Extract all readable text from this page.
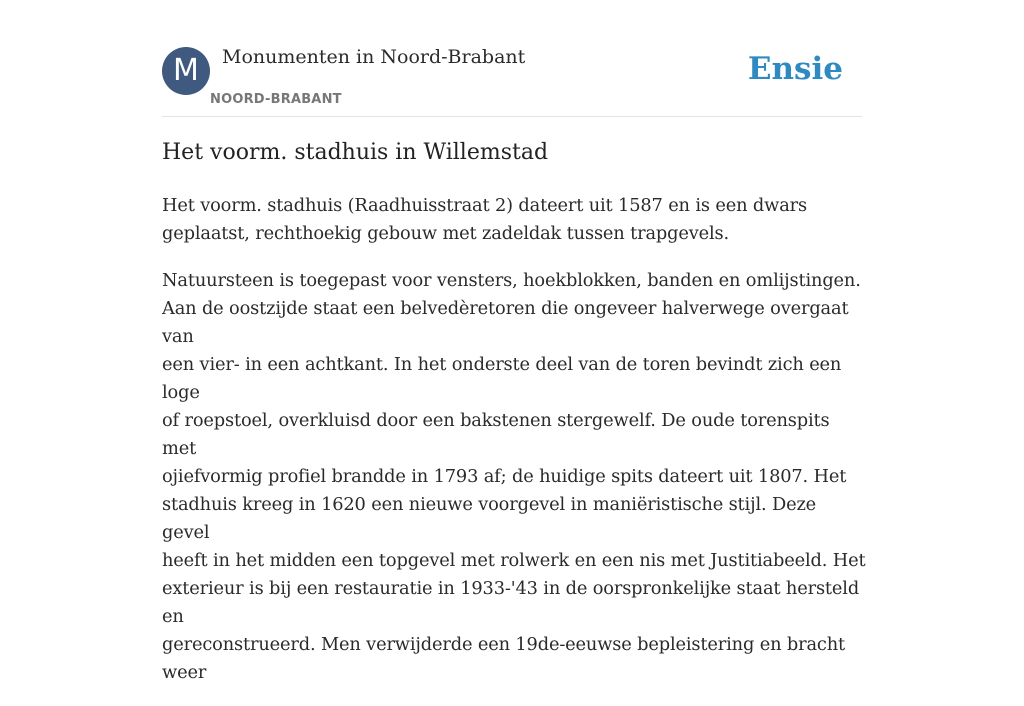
M	Monumenten in Noord-Brabant
NOORD-BRABANT
Ensie
Het voorm. stadhuis in Willemstad

Het voorm. stadhuis (Raadhuisstraat 2) dateert uit 1587 en is een dwars
geplaatst, rechthoekig gebouw met zadeldak tussen trapgevels.

Natuursteen is toegepast voor vensters, hoekblokken, banden en omlijstingen.
Aan de oostzijde staat een belvedèretoren die ongeveer halverwege overgaat van
een vier- in een achtkant. In het onderste deel van de toren bevindt zich een loge
of roepstoel, overkluisd door een bakstenen stergewelf. De oude torenspits met
ojiefvormig profiel brandde in 1793 af; de huidige spits dateert uit 1807. Het
stadhuis kreeg in 1620 een nieuwe voorgevel in maniëristische stijl. Deze gevel
heeft in het midden een topgevel met rolwerk en een nis met Justitiabeeld. Het
exterieur is bij een restauratie in 1933-'43 in de oorspronkelijke staat hersteld en
gereconstrueerd. Men verwijderde een 19de-eeuwse bepleistering en bracht weer
